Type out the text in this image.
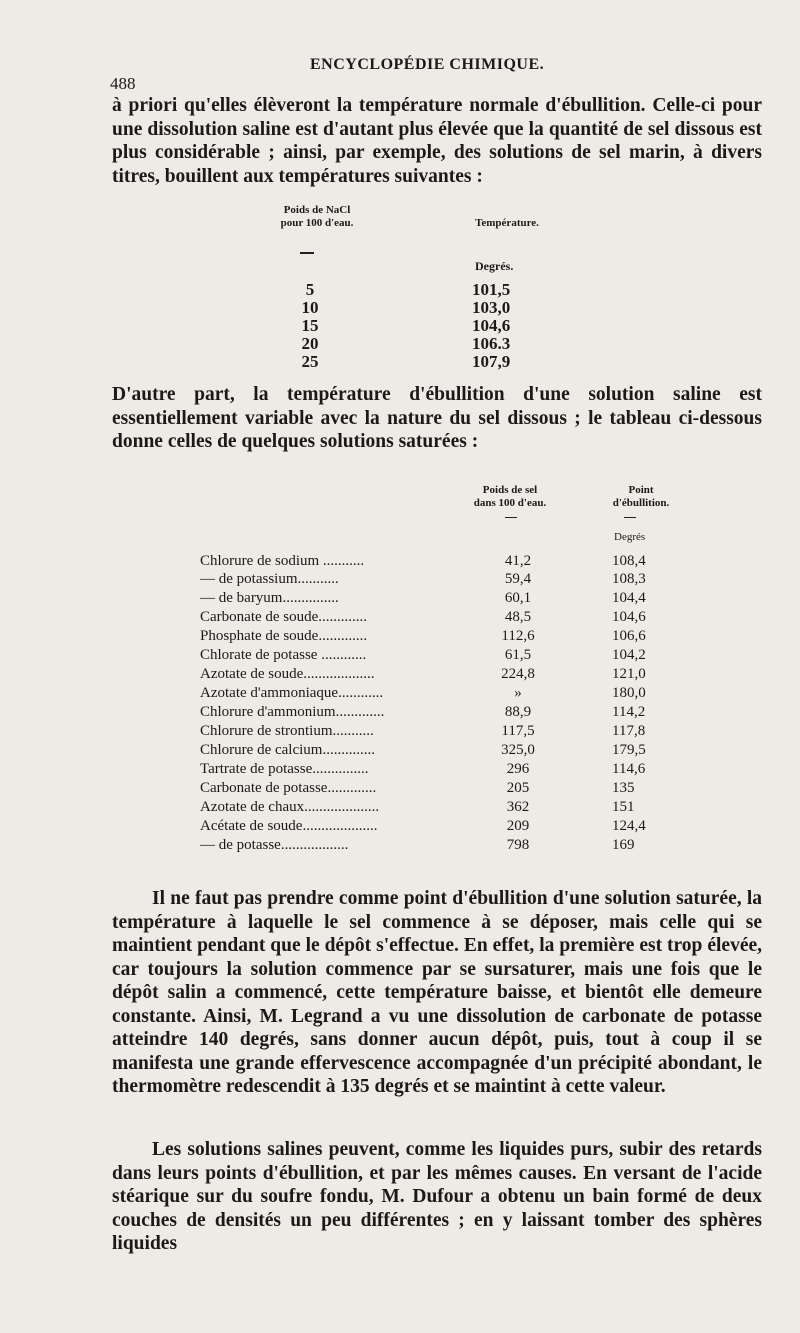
488
ENCYCLOPÉDIE CHIMIQUE.
à priori qu'elles élèveront la température normale d'ébullition. Celle-ci pour une dissolution saline est d'autant plus élevée que la quantité de sel dissous est plus considérable ; ainsi, par exemple, des solutions de sel marin, à divers titres, bouillent aux températures suivantes :
Poids de NaCl
pour 100 d'eau.	Température.
Degrés.
5	101,5
10	103,0
15	104,6
20	106.3
25	107,9
D'autre part, la température d'ébullition d'une solution saline est essentiellement variable avec la nature du sel dissous ; le tableau ci-dessous donne celles de quelques solutions saturées :
Poids de sel
dans 100 d'eau.
Point
d'ébullition.
Degrés
Chlorure de sodium ...........	41,2	108,4
— de potassium...........	59,4	108,3
— de baryum...............	60,1	104,4
Carbonate de soude.............	48,5	104,6
Phosphate de soude.............	112,6	106,6
Chlorate de potasse ............	61,5	104,2
Azotate de soude...................	224,8	121,0
Azotate d'ammoniaque............	»	180,0
Chlorure d'ammonium.............	88,9	114,2
Chlorure de strontium...........	117,5	117,8
Chlorure de calcium..............	325,0	179,5
Tartrate de potasse...............	296	114,6
Carbonate de potasse.............	205	135
Azotate de chaux....................	362	151
Acétate de soude....................	209	124,4
— de potasse..................	798	169
Il ne faut pas prendre comme point d'ébullition d'une solution saturée, la température à laquelle le sel commence à se déposer, mais celle qui se maintient pendant que le dépôt s'effectue. En effet, la première est trop élevée, car toujours la solution commence par se sursaturer, mais une fois que le dépôt salin a commencé, cette température baisse, et bientôt elle demeure constante. Ainsi, M. Legrand a vu une dissolution de carbonate de potasse atteindre 140 degrés, sans donner aucun dépôt, puis, tout à coup il se manifesta une grande effervescence accompagnée d'un précipité abondant, le thermomètre redescendit à 135 degrés et se maintint à cette valeur.
Les solutions salines peuvent, comme les liquides purs, subir des retards dans leurs points d'ébullition, et par les mêmes causes. En versant de l'acide stéarique sur du soufre fondu, M. Dufour a obtenu un bain formé de deux couches de densités un peu différentes ; en y laissant tomber des sphères liquides
